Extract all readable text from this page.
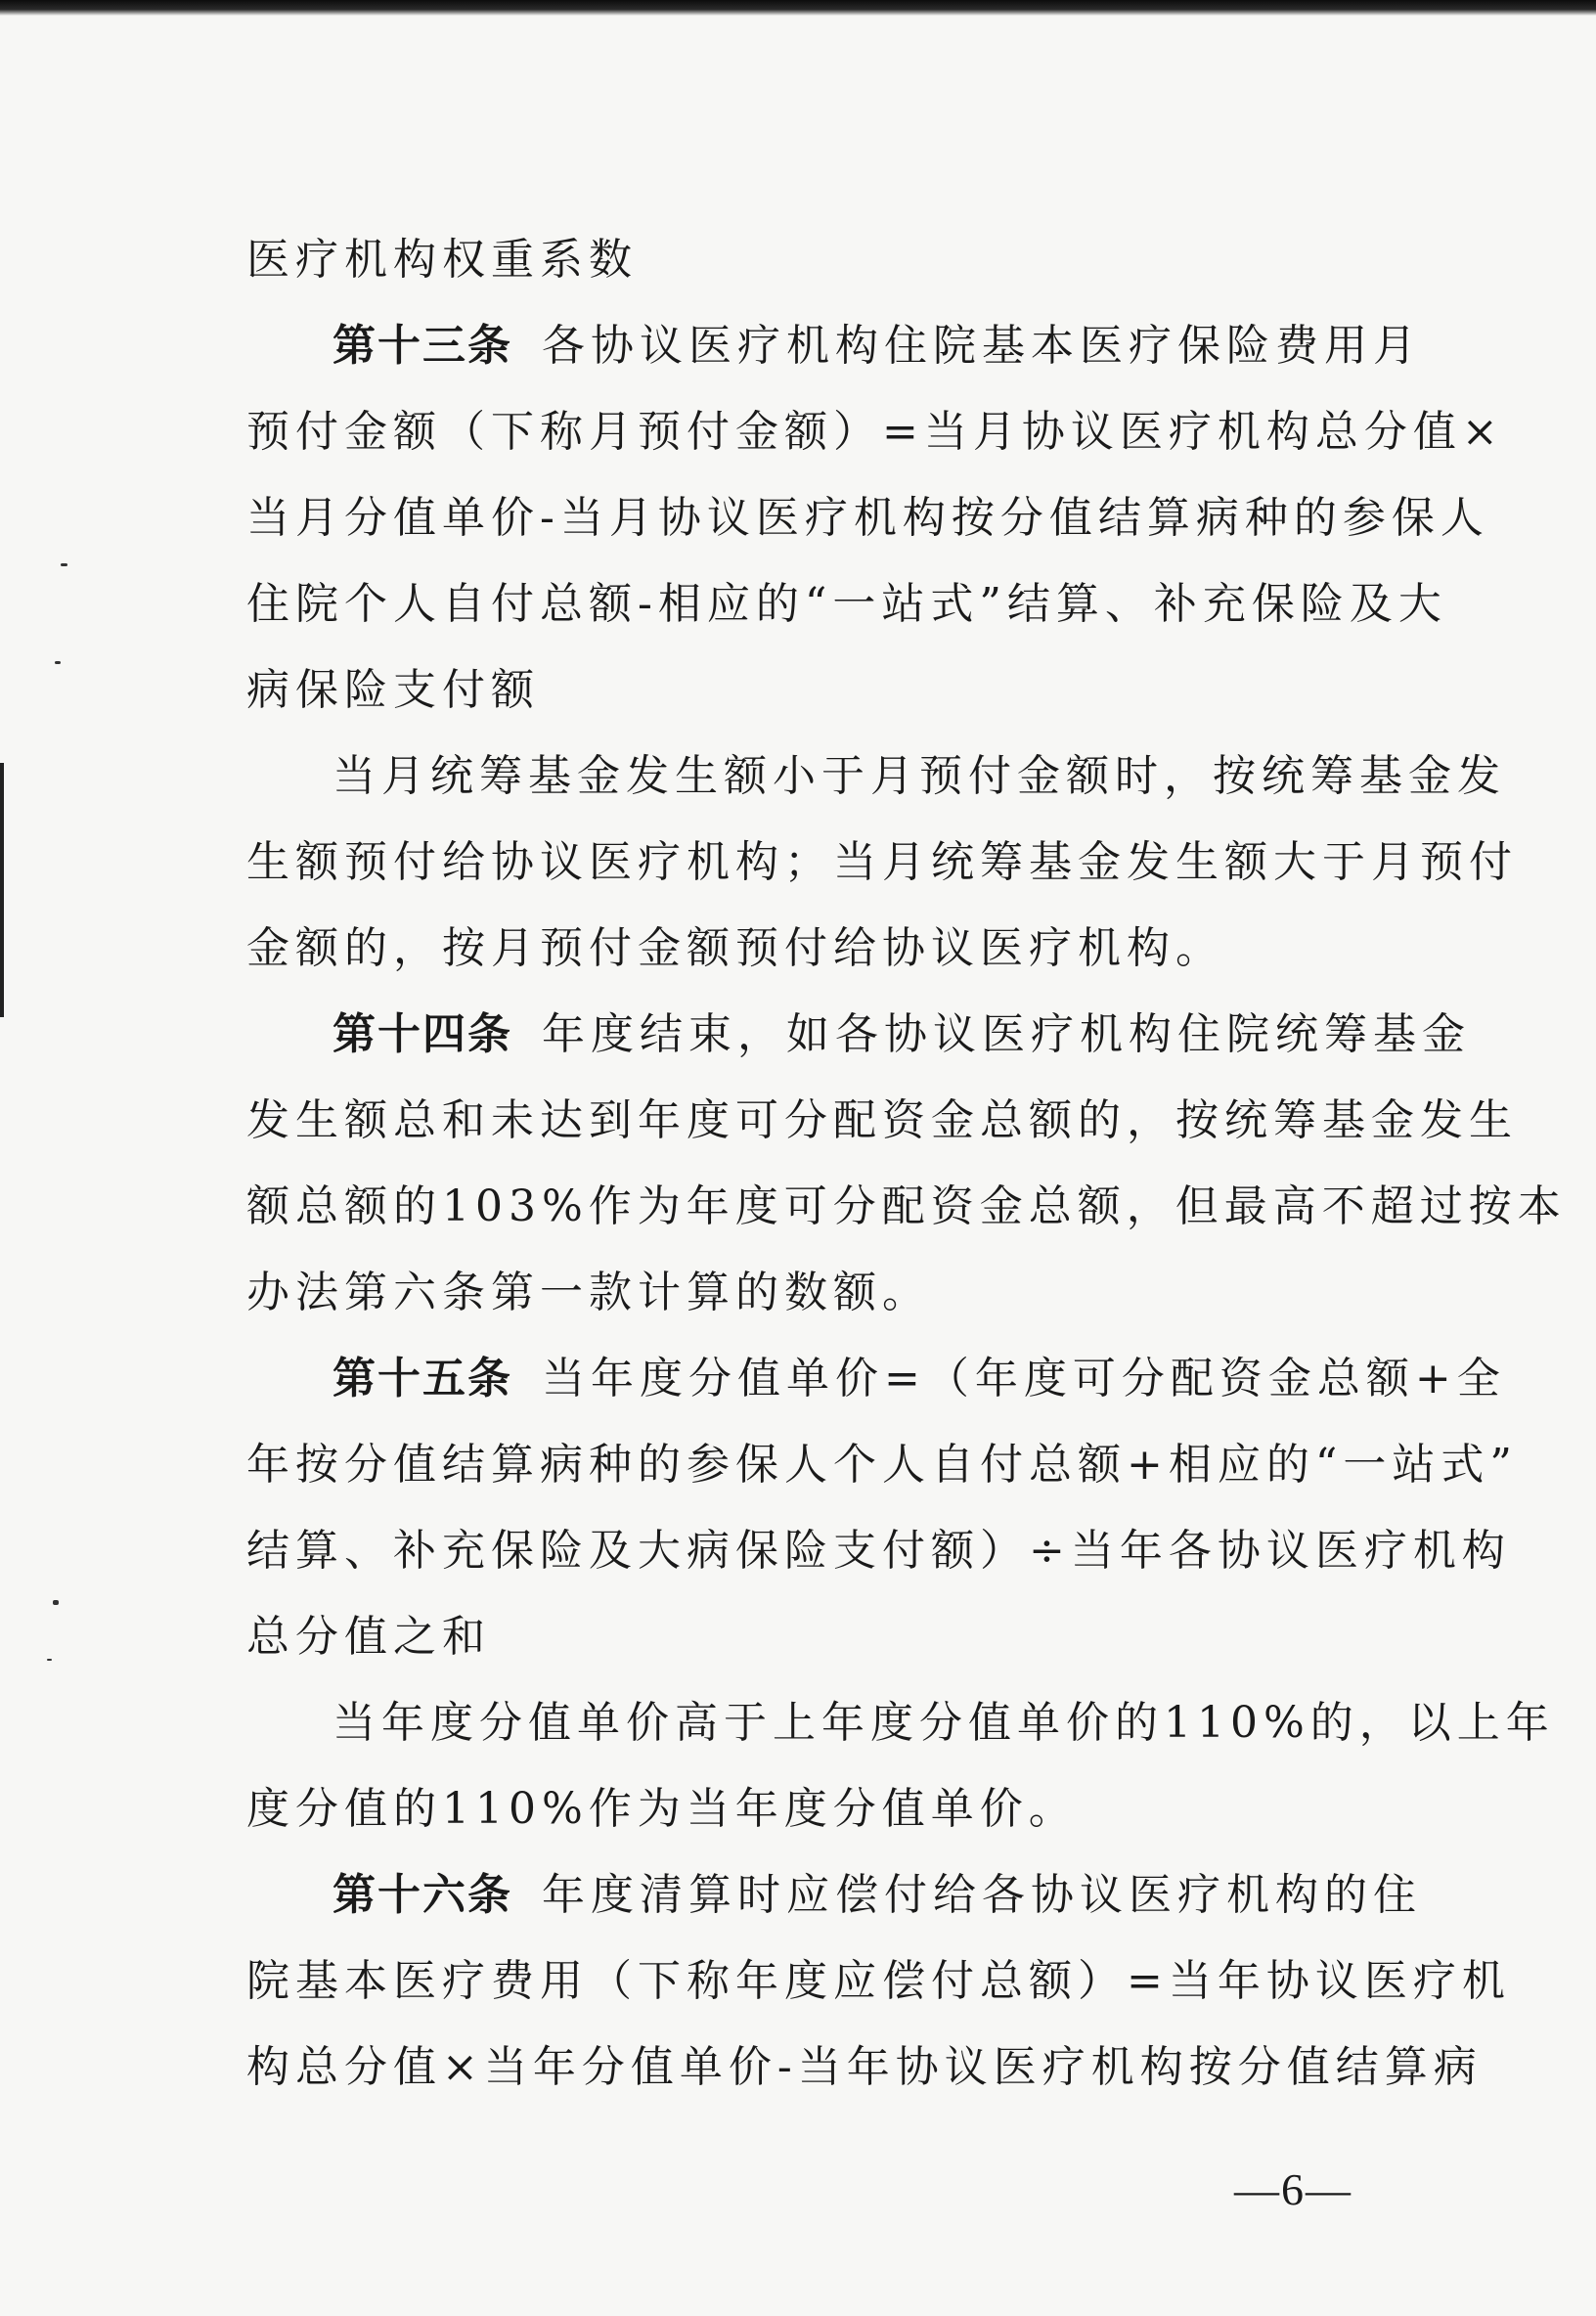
医疗机构权重系数
第十三条 各协议医疗机构住院基本医疗保险费用月
预付金额（下称月预付金额）=当月协议医疗机构总分值×
当月分值单价-当月协议医疗机构按分值结算病种的参保人
住院个人自付总额-相应的“一站式”结算、补充保险及大
病保险支付额
当月统筹基金发生额小于月预付金额时，按统筹基金发
生额预付给协议医疗机构；当月统筹基金发生额大于月预付
金额的，按月预付金额预付给协议医疗机构。
第十四条 年度结束，如各协议医疗机构住院统筹基金
发生额总和未达到年度可分配资金总额的，按统筹基金发生
额总额的103%作为年度可分配资金总额，但最高不超过按本
办法第六条第一款计算的数额。
第十五条 当年度分值单价=（年度可分配资金总额+全
年按分值结算病种的参保人个人自付总额+相应的“一站式”
结算、补充保险及大病保险支付额）÷当年各协议医疗机构
总分值之和
当年度分值单价高于上年度分值单价的110%的，以上年
度分值的110%作为当年度分值单价。
第十六条 年度清算时应偿付给各协议医疗机构的住
院基本医疗费用（下称年度应偿付总额）=当年协议医疗机
构总分值×当年分值单价-当年协议医疗机构按分值结算病
—6—
